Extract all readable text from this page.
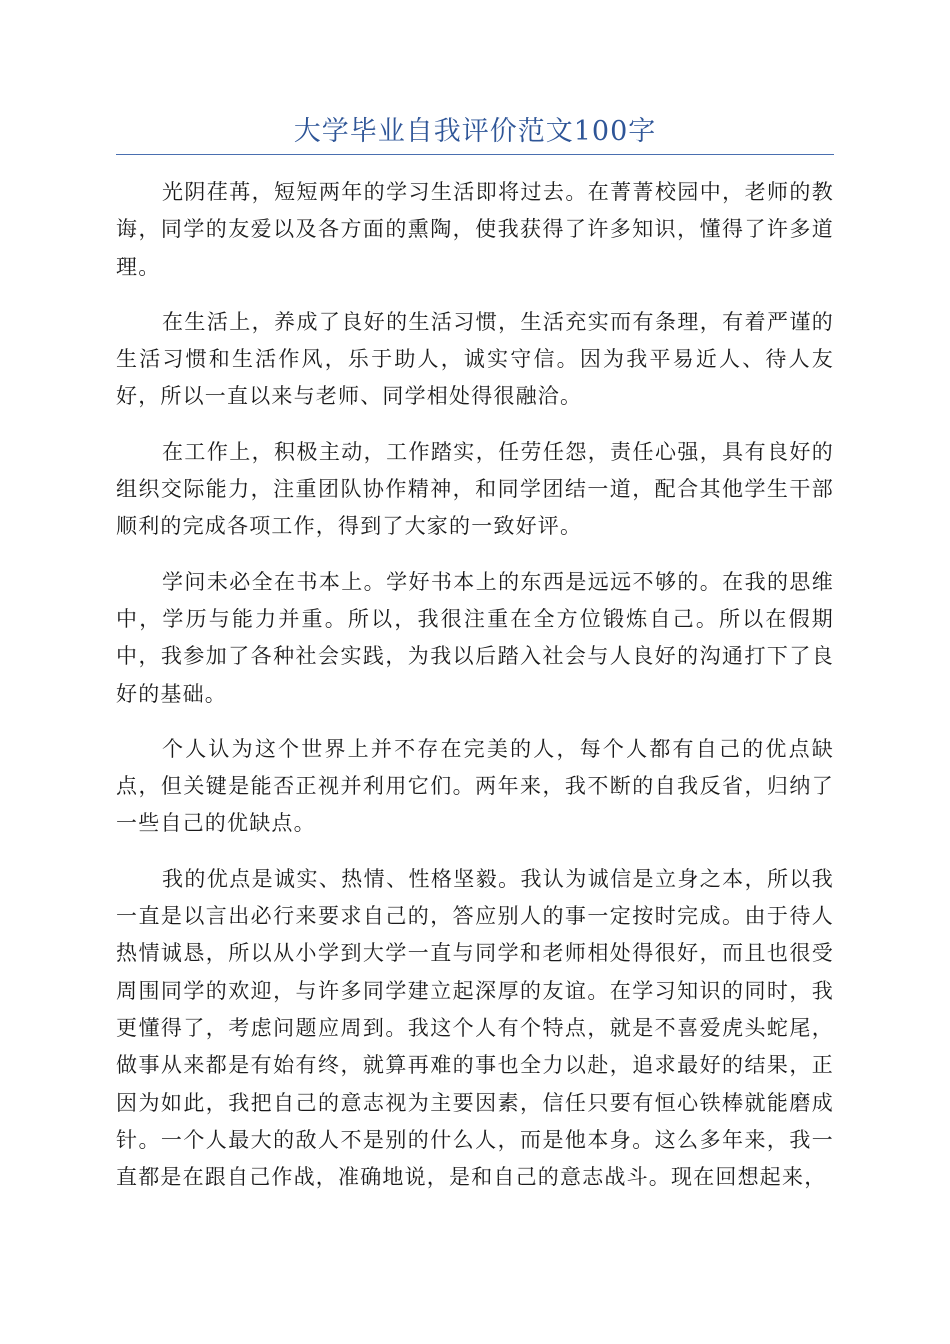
大学毕业自我评价范文100字

光阴荏苒，短短两年的学习生活即将过去。在菁菁校园中，老师的教诲，同学的友爱以及各方面的熏陶，使我获得了许多知识，懂得了许多道理。

在生活上，养成了良好的生活习惯，生活充实而有条理，有着严谨的生活习惯和生活作风，乐于助人，诚实守信。因为我平易近人、待人友好，所以一直以来与老师、同学相处得很融洽。

在工作上，积极主动，工作踏实，任劳任怨，责任心强，具有良好的组织交际能力，注重团队协作精神，和同学团结一道，配合其他学生干部顺利的完成各项工作，得到了大家的一致好评。

学问未必全在书本上。学好书本上的东西是远远不够的。在我的思维中，学历与能力并重。所以，我很注重在全方位锻炼自己。所以在假期中，我参加了各种社会实践，为我以后踏入社会与人良好的沟通打下了良好的基础。

个人认为这个世界上并不存在完美的人，每个人都有自己的优点缺点，但关键是能否正视并利用它们。两年来，我不断的自我反省，归纳了一些自己的优缺点。

我的优点是诚实、热情、性格坚毅。我认为诚信是立身之本，所以我一直是以言出必行来要求自己的，答应别人的事一定按时完成。由于待人热情诚恳，所以从小学到大学一直与同学和老师相处得很好，而且也很受周围同学的欢迎，与许多同学建立起深厚的友谊。在学习知识的同时，我更懂得了，考虑问题应周到。我这个人有个特点，就是不喜爱虎头蛇尾，做事从来都是有始有终，就算再难的事也全力以赴，追求最好的结果，正因为如此，我把自己的意志视为主要因素，信任只要有恒心铁棒就能磨成针。一个人最大的敌人不是别的什么人，而是他本身。这么多年来，我一直都是在跟自己作战，准确地说，是和自己的意志战斗。现在回想起来，
